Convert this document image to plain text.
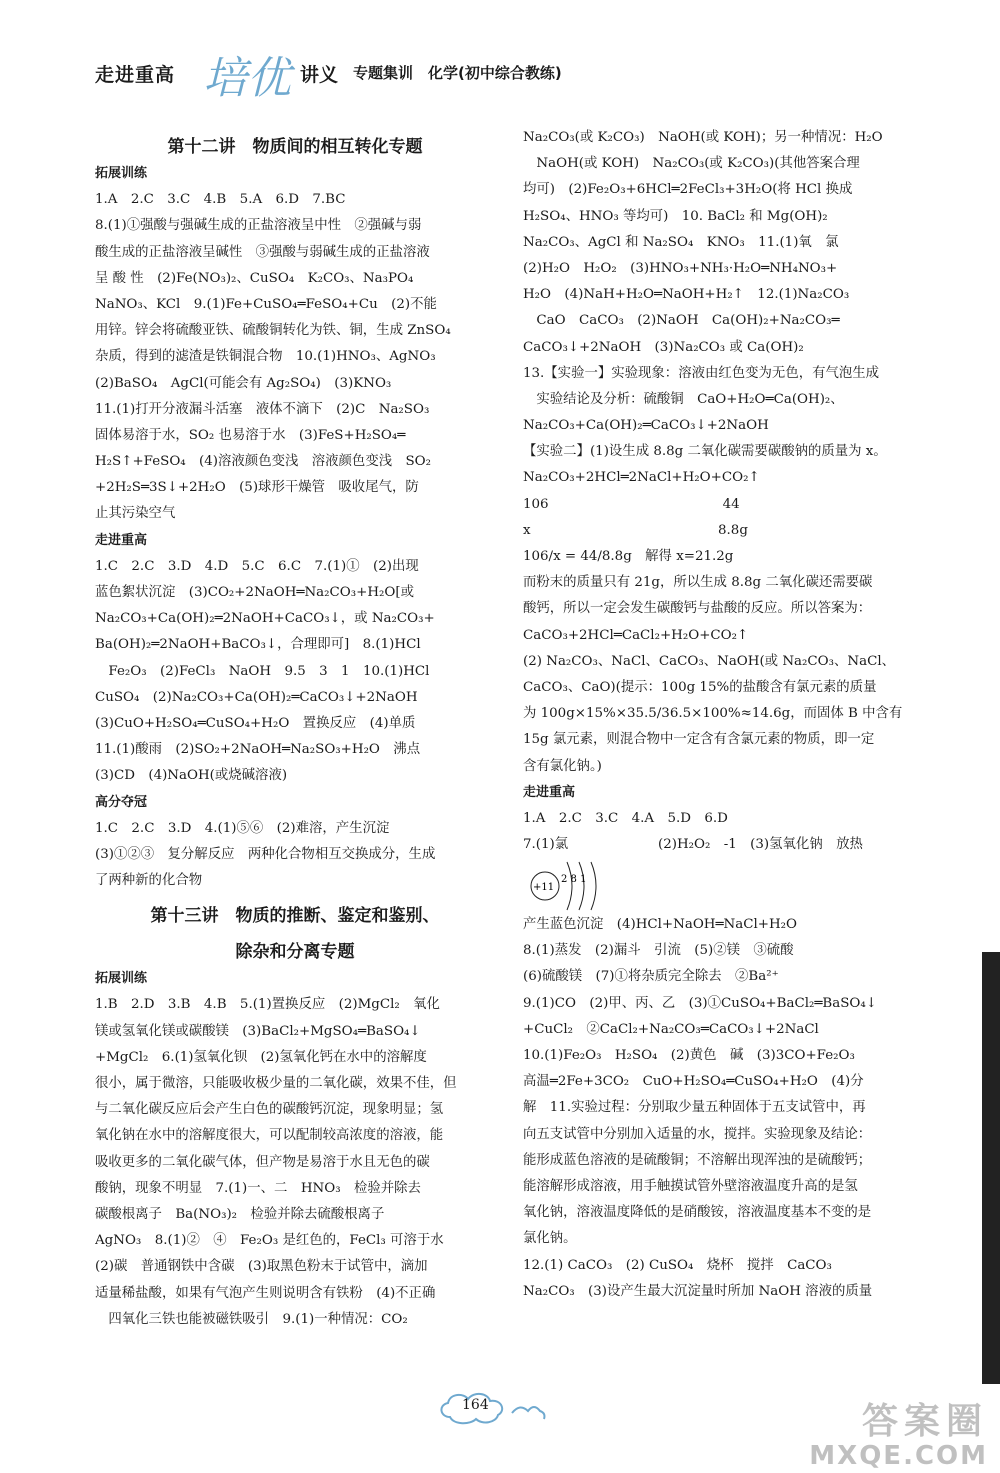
走进重高 培优 讲义 专题集训　化学(初中综合教练)
第十二讲　物质间的相互转化专题
拓展训练
1.A　2.C　3.C　4.B　5.A　6.D　7.BC
8.(1)①强酸与强碱生成的正盐溶液呈中性　②强碱与弱
酸生成的正盐溶液呈碱性　③强酸与弱碱生成的正盐溶液
呈 酸 性　(2)Fe(NO₃)₂、CuSO₄　K₂CO₃、Na₃PO₄
NaNO₃、KCl　9.(1)Fe+CuSO₄═FeSO₄+Cu　(2)不能
用锌。锌会将硫酸亚铁、硫酸铜转化为铁、铜，生成 ZnSO₄
杂质，得到的滤渣是铁铜混合物　10.(1)HNO₃、AgNO₃
(2)BaSO₄　AgCl(可能会有 Ag₂SO₄)　(3)KNO₃
11.(1)打开分液漏斗活塞　液体不滴下　(2)C　Na₂SO₃
固体易溶于水，SO₂ 也易溶于水　(3)FeS+H₂SO₄═
H₂S↑+FeSO₄　(4)溶液颜色变浅　溶液颜色变浅　SO₂
+2H₂S═3S↓+2H₂O　(5)球形干燥管　吸收尾气，防
止其污染空气
走进重高
1.C　2.C　3.D　4.D　5.C　6.C　7.(1)①　(2)出现
蓝色絮状沉淀　(3)CO₂+2NaOH═Na₂CO₃+H₂O[或
Na₂CO₃+Ca(OH)₂═2NaOH+CaCO₃↓，或 Na₂CO₃+
Ba(OH)₂═2NaOH+BaCO₃↓，合理即可]　8.(1)HCl
　Fe₂O₃　(2)FeCl₃　NaOH　9.5　3　1　10.(1)HCl
CuSO₄　(2)Na₂CO₃+Ca(OH)₂═CaCO₃↓+2NaOH
(3)CuO+H₂SO₄═CuSO₄+H₂O　置换反应　(4)单质
11.(1)酸雨　(2)SO₂+2NaOH═Na₂SO₃+H₂O　沸点
(3)CD　(4)NaOH(或烧碱溶液)
高分夺冠
1.C　2.C　3.D　4.(1)⑤⑥　(2)难溶，产生沉淀
(3)①②③　复分解反应　两种化合物相互交换成分，生成
了两种新的化合物
第十三讲　物质的推断、鉴定和鉴别、
除杂和分离专题
拓展训练
1.B　2.D　3.B　4.B　5.(1)置换反应　(2)MgCl₂　氧化
镁或氢氧化镁或碳酸镁　(3)BaCl₂+MgSO₄═BaSO₄↓
+MgCl₂　6.(1)氢氧化钡　(2)氢氧化钙在水中的溶解度
很小，属于微溶，只能吸收极少量的二氧化碳，效果不佳，但
与二氧化碳反应后会产生白色的碳酸钙沉淀，现象明显；氢
氧化钠在水中的溶解度很大，可以配制较高浓度的溶液，能
吸收更多的二氧化碳气体，但产物是易溶于水且无色的碳
酸钠，现象不明显　7.(1)一、二　HNO₃　检验并除去
碳酸根离子　Ba(NO₃)₂　检验并除去硫酸根离子
AgNO₃　8.(1)②　④　Fe₂O₃ 是红色的，FeCl₃ 可溶于水
(2)碳　普通钢铁中含碳　(3)取黑色粉末于试管中，滴加
适量稀盐酸，如果有气泡产生则说明含有铁粉　(4)不正确
　四氧化三铁也能被磁铁吸引　9.(1)一种情况：CO₂
Na₂CO₃(或 K₂CO₃)　NaOH(或 KOH)；另一种情况：H₂O
　NaOH(或 KOH)　Na₂CO₃(或 K₂CO₃)(其他答案合理
均可)　(2)Fe₂O₃+6HCl═2FeCl₃+3H₂O(将 HCl 换成
H₂SO₄、HNO₃ 等均可)　10. BaCl₂ 和 Mg(OH)₂
Na₂CO₃、AgCl 和 Na₂SO₄　KNO₃　11.(1)氧　氯
(2)H₂O　H₂O₂　(3)HNO₃+NH₃·H₂O═NH₄NO₃+
H₂O　(4)NaH+H₂O═NaOH+H₂↑　12.(1)Na₂CO₃
　CaO　CaCO₃　(2)NaOH　Ca(OH)₂+Na₂CO₃═
CaCO₃↓+2NaOH　(3)Na₂CO₃ 或 Ca(OH)₂
13.【实验一】实验现象：溶液由红色变为无色，有气泡生成
　实验结论及分析：硫酸铜　CaO+H₂O═Ca(OH)₂、
Na₂CO₃+Ca(OH)₂═CaCO₃↓+2NaOH
【实验二】(1)设生成 8.8g 二氧化碳需要碳酸钠的质量为 x。
Na₂CO₃+2HCl═2NaCl+H₂O+CO₂↑
106　　　　　　　　　　　　　44
x　　　　　　　　　　　　　　8.8g
106/x = 44/8.8g　解得 x=21.2g
而粉末的质量只有 21g，所以生成 8.8g 二氧化碳还需要碳
酸钙，所以一定会发生碳酸钙与盐酸的反应。所以答案为：
CaCO₃+2HCl═CaCl₂+H₂O+CO₂↑
(2) Na₂CO₃、NaCl、CaCO₃、NaOH(或 Na₂CO₃、NaCl、
CaCO₃、CaO)(提示：100g 15%的盐酸含有氯元素的质量
为 100g×15%×35.5/36.5×100%≈14.6g，而固体 B 中含有
15g 氯元素，则混合物中一定含有含氯元素的物质，即一定
含有氯化钠。)
走进重高
1.A　2.C　3.C　4.A　5.D　6.D
7.(1)氯
+11
2 8 1
(2)H₂O₂　-1　(3)氢氧化钠　放热
产生蓝色沉淀　(4)HCl+NaOH═NaCl+H₂O
8.(1)蒸发　(2)漏斗　引流　(5)②镁　③硫酸
(6)硫酸镁　(7)①将杂质完全除去　②Ba²⁺
9.(1)CO　(2)甲、丙、乙　(3)①CuSO₄+BaCl₂═BaSO₄↓
+CuCl₂　②CaCl₂+Na₂CO₃═CaCO₃↓+2NaCl
10.(1)Fe₂O₃　H₂SO₄　(2)黄色　碱　(3)3CO+Fe₂O₃
高温═2Fe+3CO₂　CuO+H₂SO₄═CuSO₄+H₂O　(4)分
解　11.实验过程：分别取少量五种固体于五支试管中，再
向五支试管中分别加入适量的水，搅拌。实验现象及结论：
能形成蓝色溶液的是硫酸铜；不溶解出现浑浊的是硫酸钙；
能溶解形成溶液，用手触摸试管外壁溶液温度升高的是氢
氧化钠，溶液温度降低的是硝酸铵，溶液温度基本不变的是
氯化钠。
12.(1) CaCO₃　(2) CuSO₄　烧杯　搅拌　CaCO₃
Na₂CO₃　(3)设产生最大沉淀量时所加 NaOH 溶液的质量
164	答案圈
MXQE.COM
